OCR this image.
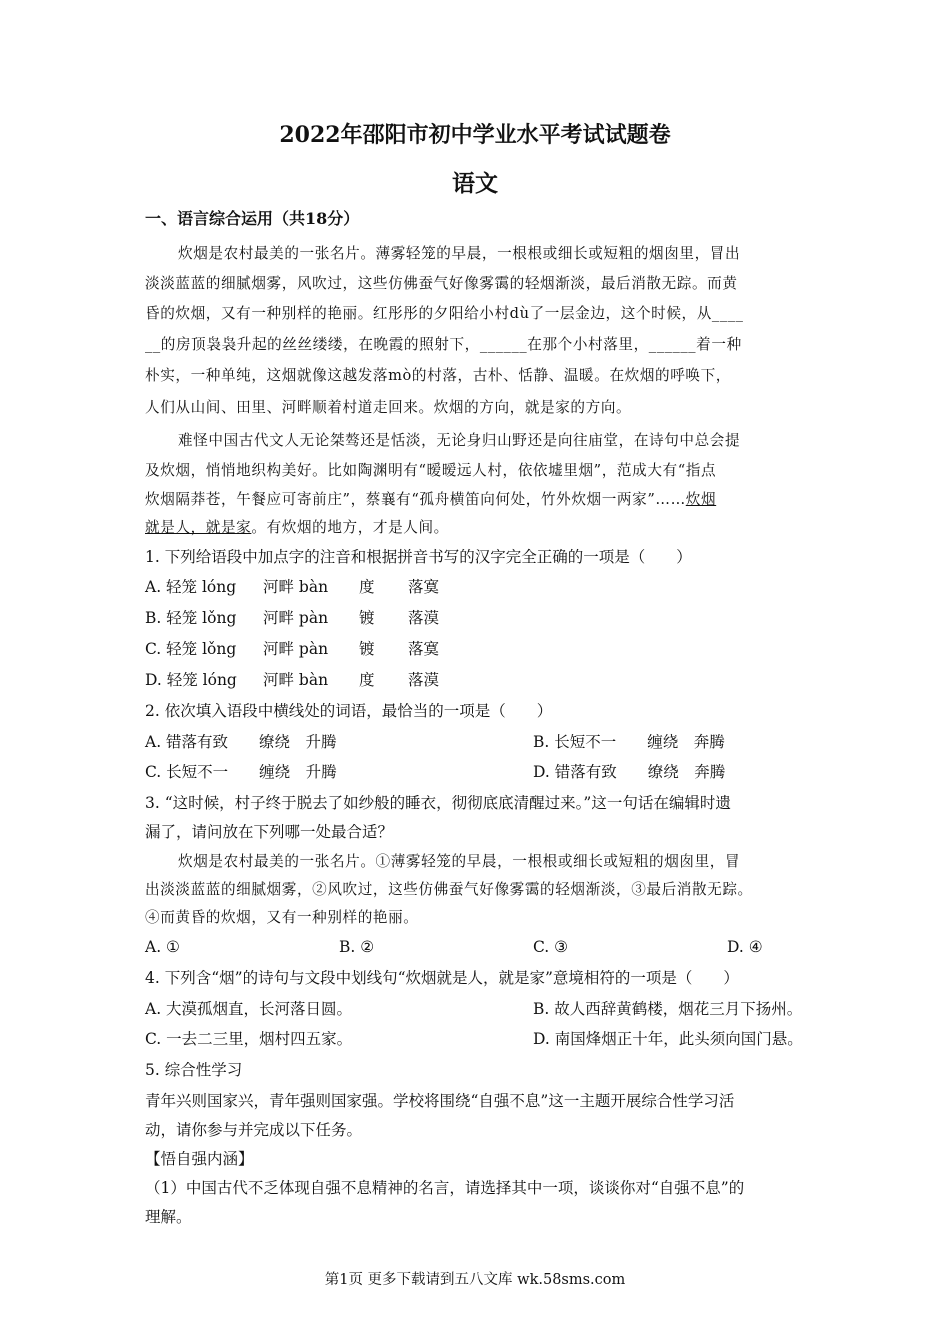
2022年邵阳市初中学业水平考试试题卷
语文
一、语言综合运用（共18分）
炊烟是农村最美的一张名片。薄雾轻笼的早晨，一根根或细长或短粗的烟囱里，冒出
淡淡蓝蓝的细腻烟雾，风吹过，这些仿佛蚕气好像雾霭的轻烟渐淡，最后消散无踪。而黄
昏的炊烟，又有一种别样的艳丽。红彤彤的夕阳给小村dù了一层金边，这个时候，从____
__的房顶袅袅升起的丝丝缕缕，在晚霞的照射下，______在那个小村落里，______着一种
朴实，一种单纯，这烟就像这越发落mò的村落，古朴、恬静、温暖。在炊烟的呼唤下，
人们从山间、田里、河畔顺着村道走回来。炊烟的方向，就是家的方向。
难怪中国古代文人无论桀骜还是恬淡，无论身归山野还是向往庙堂，在诗句中总会提
及炊烟，悄悄地织构美好。比如陶渊明有“暧暧远人村，依依墟里烟”，范成大有“指点
炊烟隔莽苍，午餐应可寄前庄”，蔡襄有“孤舟横笛向何处，竹外炊烟一两家”……炊烟
就是人，就是家。有炊烟的地方，才是人间。
1. 下列给语段中加点字的注音和根据拼音书写的汉字完全正确的一项是（　　）
A. 轻笼 lóng 河畔 bàn 度 落寞
B. 轻笼 lǒng 河畔 pàn 镀 落漠
C. 轻笼 lǒng 河畔 pàn 镀 落寞
D. 轻笼 lóng 河畔 bàn 度 落漠
2. 依次填入语段中横线处的词语，最恰当的一项是（　　）
A. 错落有致　　缭绕　升腾	B. 长短不一　　缠绕　奔腾
C. 长短不一　　缠绕　升腾	D. 错落有致　　缭绕　奔腾
3. “这时候，村子终于脱去了如纱般的睡衣，彻彻底底清醒过来。”这一句话在编辑时遗
漏了，请问放在下列哪一处最合适？
炊烟是农村最美的一张名片。①薄雾轻笼的早晨，一根根或细长或短粗的烟囱里，冒
出淡淡蓝蓝的细腻烟雾，②风吹过，这些仿佛蚕气好像雾霭的轻烟渐淡，③最后消散无踪。
④而黄昏的炊烟，又有一种别样的艳丽。
A. ①	B. ②	C. ③	D. ④
4. 下列含“烟”的诗句与文段中划线句“炊烟就是人，就是家”意境相符的一项是（　　）
A. 大漠孤烟直，长河落日圆。	B. 故人西辞黄鹤楼，烟花三月下扬州。
C. 一去二三里，烟村四五家。	D. 南国烽烟正十年，此头须向国门悬。
5. 综合性学习
青年兴则国家兴，青年强则国家强。学校将围绕“自强不息”这一主题开展综合性学习活
动，请你参与并完成以下任务。
【悟自强内涵】
（1）中国古代不乏体现自强不息精神的名言，请选择其中一项，谈谈你对“自强不息”的
理解。
第1页 更多下载请到五八文库 wk.58sms.com
